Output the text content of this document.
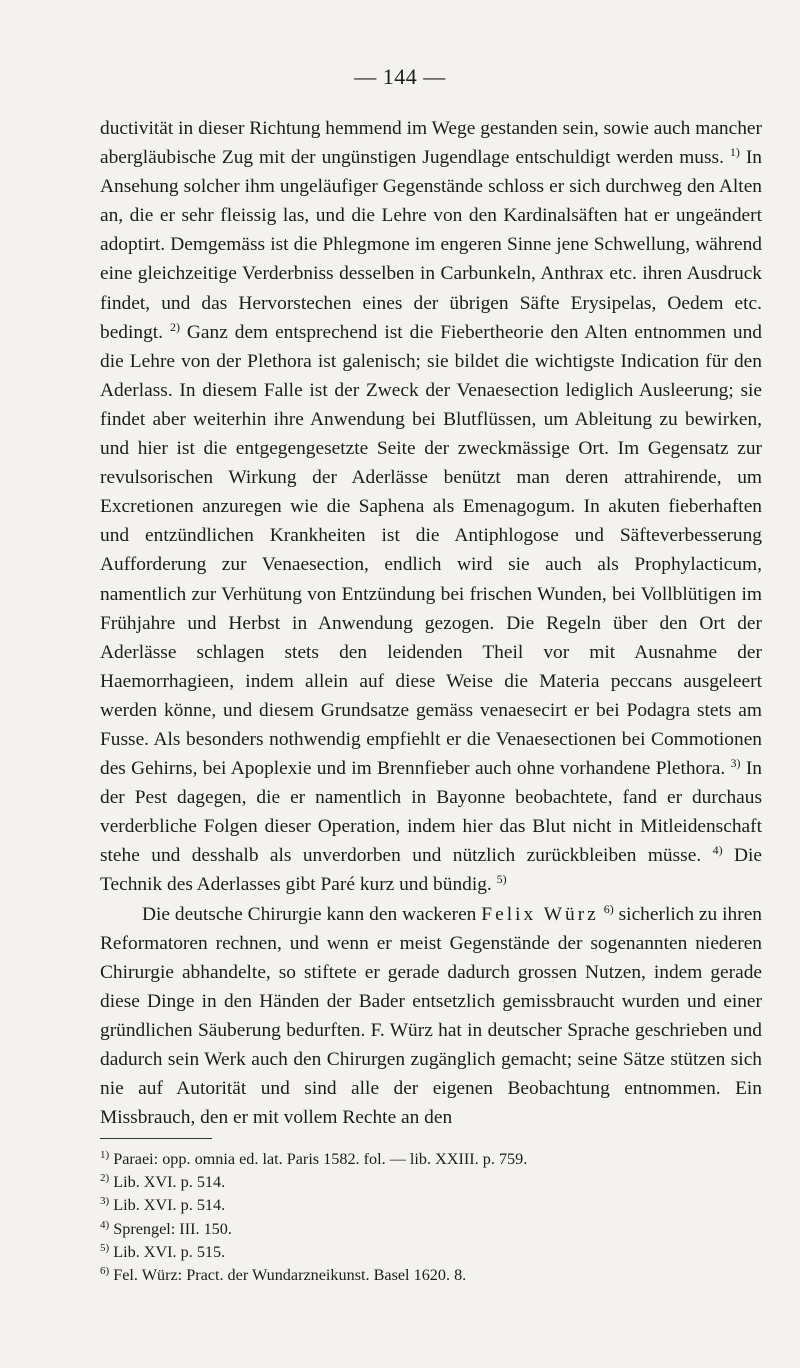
— 144 —

ductivität in dieser Richtung hemmend im Wege gestanden sein, sowie auch mancher abergläubische Zug mit der ungünstigen Jugendlage entschuldigt werden muss. $^{1)}$ In Ansehung solcher ihm ungeläufiger Gegenstände schloss er sich durchweg den Alten an, die er sehr fleissig las, und die Lehre von den Kardinalsäften hat er ungeändert adoptirt. Demgemäss ist die Phlegmone im engeren Sinne jene Schwellung, während eine gleichzeitige Verderbniss desselben in Carbunkeln, Anthrax etc. ihren Ausdruck findet, und das Hervorstechen eines der übrigen Säfte Erysipelas, Oedem etc. bedingt. $^{2)}$ Ganz dem entsprechend ist die Fiebertheorie den Alten entnommen und die Lehre von der Plethora ist galenisch; sie bildet die wichtigste Indication für den Aderlass. In diesem Falle ist der Zweck der Venaesection lediglich Ausleerung; sie findet aber weiterhin ihre Anwendung bei Blutflüssen, um Ableitung zu bewirken, und hier ist die entgegengesetzte Seite der zweckmässige Ort. Im Gegensatz zur revulsorischen Wirkung der Aderlässe benützt man deren attrahirende, um Excretionen anzuregen wie die Saphena als Emenagogum. In akuten fieberhaften und entzündlichen Krankheiten ist die Antiphlogose und Säfteverbesserung Aufforderung zur Venaesection, endlich wird sie auch als Prophylacticum, namentlich zur Verhütung von Entzündung bei frischen Wunden, bei Vollblütigen im Frühjahre und Herbst in Anwendung gezogen. Die Regeln über den Ort der Aderlässe schlagen stets den leidenden Theil vor mit Ausnahme der Haemorrhagieen, indem allein auf diese Weise die Materia peccans ausgeleert werden könne, und diesem Grundsatze gemäss venaesecirt er bei Podagra stets am Fusse. Als besonders nothwendig empfiehlt er die Venaesectionen bei Commotionen des Gehirns, bei Apoplexie und im Brennfieber auch ohne vorhandene Plethora. $^{3)}$ In der Pest dagegen, die er namentlich in Bayonne beobachtete, fand er durchaus verderbliche Folgen dieser Operation, indem hier das Blut nicht in Mitleidenschaft stehe und desshalb als unverdorben und nützlich zurückbleiben müsse. $^{4)}$ Die Technik des Aderlasses gibt Paré kurz und bündig. $^{5)}$

Die deutsche Chirurgie kann den wackeren Felix Würz $^{6)}$ sicherlich zu ihren Reformatoren rechnen, und wenn er meist Gegenstände der sogenannten niederen Chirurgie abhandelte, so stiftete er gerade dadurch grossen Nutzen, indem gerade diese Dinge in den Händen der Bader entsetzlich gemissbraucht wurden und einer gründlichen Säuberung bedurften. F. Würz hat in deutscher Sprache geschrieben und dadurch sein Werk auch den Chirurgen zugänglich gemacht; seine Sätze stützen sich nie auf Autorität und sind alle der eigenen Beobachtung entnommen. Ein Missbrauch, den er mit vollem Rechte an den

$^{1)}$ Paraei: opp. omnia ed. lat. Paris 1582. fol. — lib. XXIII. p. 759.
$^{2)}$ Lib. XVI. p. 514.
$^{3)}$ Lib. XVI. p. 514.
$^{4)}$ Sprengel: III. 150.
$^{5)}$ Lib. XVI. p. 515.
$^{6)}$ Fel. Würz: Pract. der Wundarzneikunst. Basel 1620. 8.
